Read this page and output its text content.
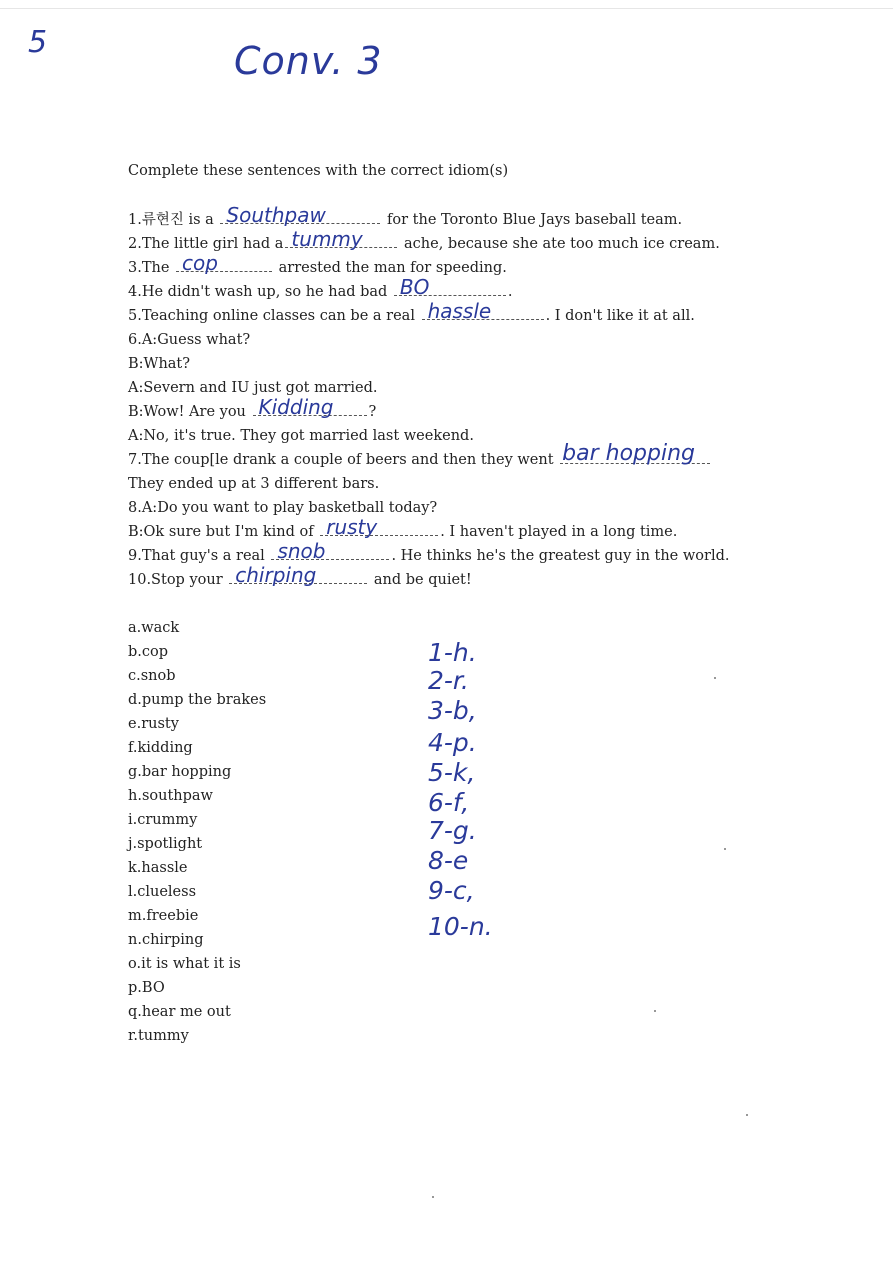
5	Conv. 3
Complete these sentences with the correct idiom(s)
1.류현진 is a Southpaw	for the Toronto Blue Jays baseball team.
2.The little girl had a tummy	ache, because she ate too much ice cream.
3.The cop	arrested the man for speeding.
4.He didn't wash up, so he had bad BO	.
5.Teaching online classes can be a real hassle	. I don't like it at all.
6.A:Guess what?
B:What?
A:Severn and IU just got married.
B:Wow! Are you Kidding ?
A:No, it's true. They got married last weekend.
7.The coup[le drank a couple of beers and then they went bar hopping
They ended up at 3 different bars.
8.A:Do you want to play basketball today?
B:Ok sure but I'm kind of rusty	. I haven't played in a long time.
9.That guy's a real snob	. He thinks he's the greatest guy in the world.
10.Stop your chirping	and be quiet!
a.wack
b.cop
c.snob
d.pump the brakes
e.rusty
f.kidding
g.bar hopping
h.southpaw
i.crummy
j.spotlight
k.hassle
l.clueless
m.freebie
n.chirping
o.it is what it is
p.BO
q.hear me out
r.tummy
1-h.
2-r.
3-b,
4-p.
5-k,
6-f,
7-g.
8-e
9-c,
10-n.
